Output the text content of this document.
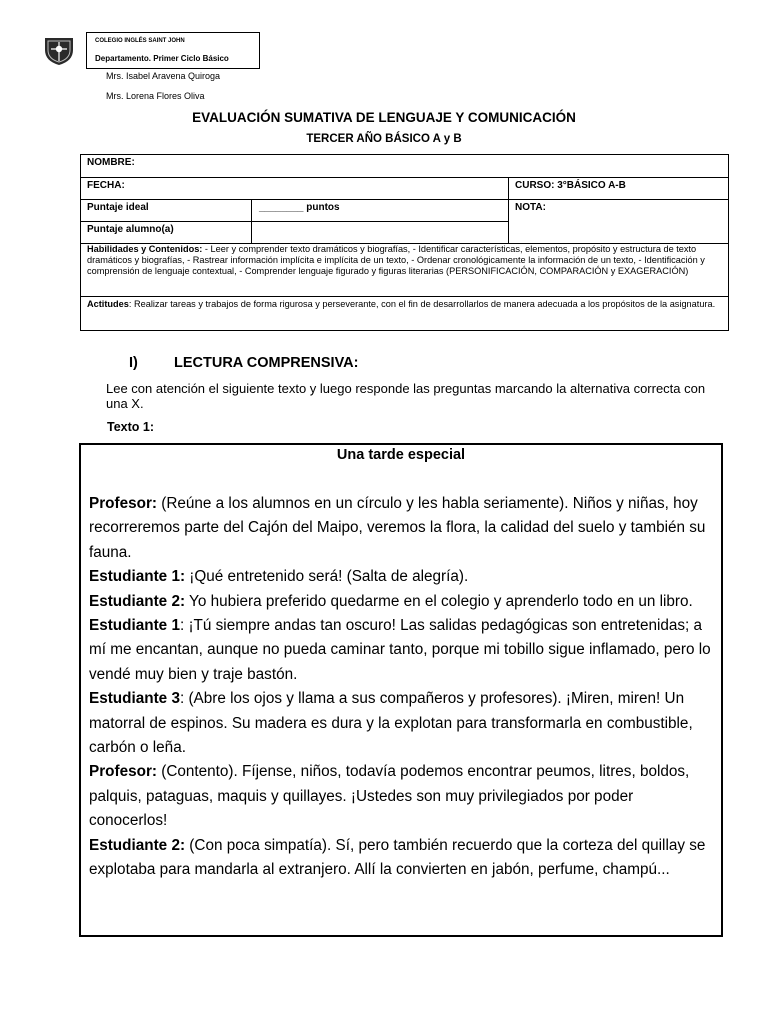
COLEGIO INGLÉS SAINT JOHN
Departamento. Primer Ciclo Básico
Mrs. Isabel Aravena Quiroga
Mrs. Lorena Flores Oliva
EVALUACIÓN SUMATIVA DE LENGUAJE Y COMUNICACIÓN
TERCER AÑO BÁSICO A y B
NOMBRE:
FECHA:	CURSO: 3°BÁSICO A-B
Puntaje ideal	________ puntos	NOTA:
Puntaje alumno(a)
Habilidades y Contenidos: - Leer y comprender texto dramáticos y biografías, - Identificar características, elementos, propósito y estructura de texto dramáticos y biografías, - Rastrear información implícita e implícita de un texto, - Ordenar cronológicamente la información de un texto, - Identificación y comprensión de lenguaje contextual, - Comprender lenguaje figurado y figuras literarias (PERSONIFICACIÓN, COMPARACIÓN y EXAGERACIÓN)
Actitudes: Realizar tareas y trabajos de forma rigurosa y perseverante, con el fin de desarrollarlos de manera adecuada a los propósitos de la asignatura.
I) LECTURA COMPRENSIVA:
Lee con atención el siguiente texto y luego responde las preguntas marcando la alternativa correcta con una X.
Texto 1:
Una tarde especial

Profesor: (Reúne a los alumnos en un círculo y les habla seriamente). Niños y niñas, hoy recorreremos parte del Cajón del Maipo, veremos la flora, la calidad del suelo y también su fauna.

Estudiante 1: ¡Qué entretenido será! (Salta de alegría).

Estudiante 2: Yo hubiera preferido quedarme en el colegio y aprenderlo todo en un libro.

Estudiante 1: ¡Tú siempre andas tan oscuro! Las salidas pedagógicas son entretenidas; a mí me encantan, aunque no pueda caminar tanto, porque mi tobillo sigue inflamado, pero lo vendé muy bien y traje bastón.

Estudiante 3: (Abre los ojos y llama a sus compañeros y profesores). ¡Miren, miren! Un matorral de espinos. Su madera es dura y la explotan para transformarla en combustible, carbón o leña.

Profesor: (Contento). Fíjense, niños, todavía podemos encontrar peumos, litres, boldos, palquis, pataguas, maquis y quillayes. ¡Ustedes son muy privilegiados por poder conocerlos!

Estudiante 2: (Con poca simpatía). Sí, pero también recuerdo que la corteza del quillay se explotaba para mandarla al extranjero. Allí la convierten en jabón, perfume, champú...
